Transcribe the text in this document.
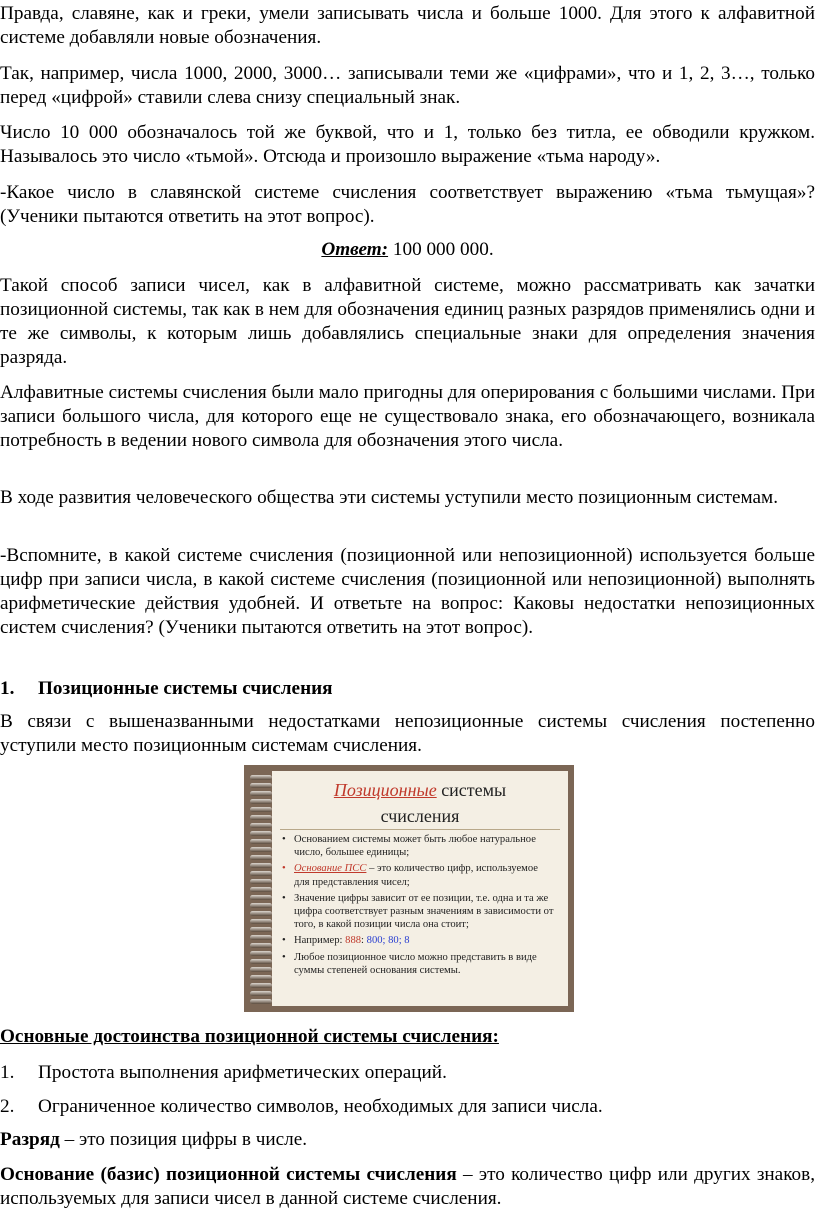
Правда, славяне, как и греки, умели записывать числа и больше 1000. Для этого к алфавитной системе добавляли новые обозначения.

Так, например, числа 1000, 2000, 3000… записывали теми же «цифрами», что и 1, 2, 3…, только перед «цифрой» ставили слева снизу специальный знак.

Число 10 000 обозначалось той же буквой, что и 1, только без титла, ее обводили кружком. Называлось это число «тьмой». Отсюда и произошло выражение «тьма народу».

-Какое число в славянской системе счисления соответствует выражению «тьма тьмущая»? (Ученики пытаются ответить на этот вопрос).

Ответ: 100 000 000.

Такой способ записи чисел, как в алфавитной системе, можно рассматривать как зачатки позиционной системы, так как в нем для обозначения единиц разных разрядов применялись одни и те же символы, к которым лишь добавлялись специальные знаки для определения значения разряда.

Алфавитные системы счисления были мало пригодны для оперирования с большими числами. При записи большого числа, для которого еще не существовало знака, его обозначающего, возникала потребность в ведении нового символа для обозначения этого числа.

В ходе развития человеческого общества эти системы уступили место позиционным системам.

-Вспомните, в какой системе счисления (позиционной или непозиционной) используется больше цифр при записи числа, в какой системе счисления (позиционной или непозиционной) выполнять арифметические действия удобней. И ответьте на вопрос: Каковы недостатки непозиционных систем счисления? (Ученики пытаются ответить на этот вопрос).

1. Позиционные системы счисления

В связи с вышеназванными недостатками непозиционные системы счисления постепенно уступили место позиционным системам счисления.

Позиционные системы
счисления
• Основанием системы может быть любое натуральное число, большее единицы;
• Основание ПСС – это количество цифр, используемое для представления чисел;
• Значение цифры зависит от ее позиции, т.е. одна и та же цифра соответствует разным значениям в зависимости от того, в какой позиции числа она стоит;
• Например: 888: 800; 80; 8
• Любое позиционное число можно представить в виде суммы степеней основания системы.

Основные достоинства позиционной системы счисления:

1. Простота выполнения арифметических операций.

2. Ограниченное количество символов, необходимых для записи числа.

Разряд – это позиция цифры в числе.

Основание (базис) позиционной системы счисления – это количество цифр или других знаков, используемых для записи чисел в данной системе счисления.
